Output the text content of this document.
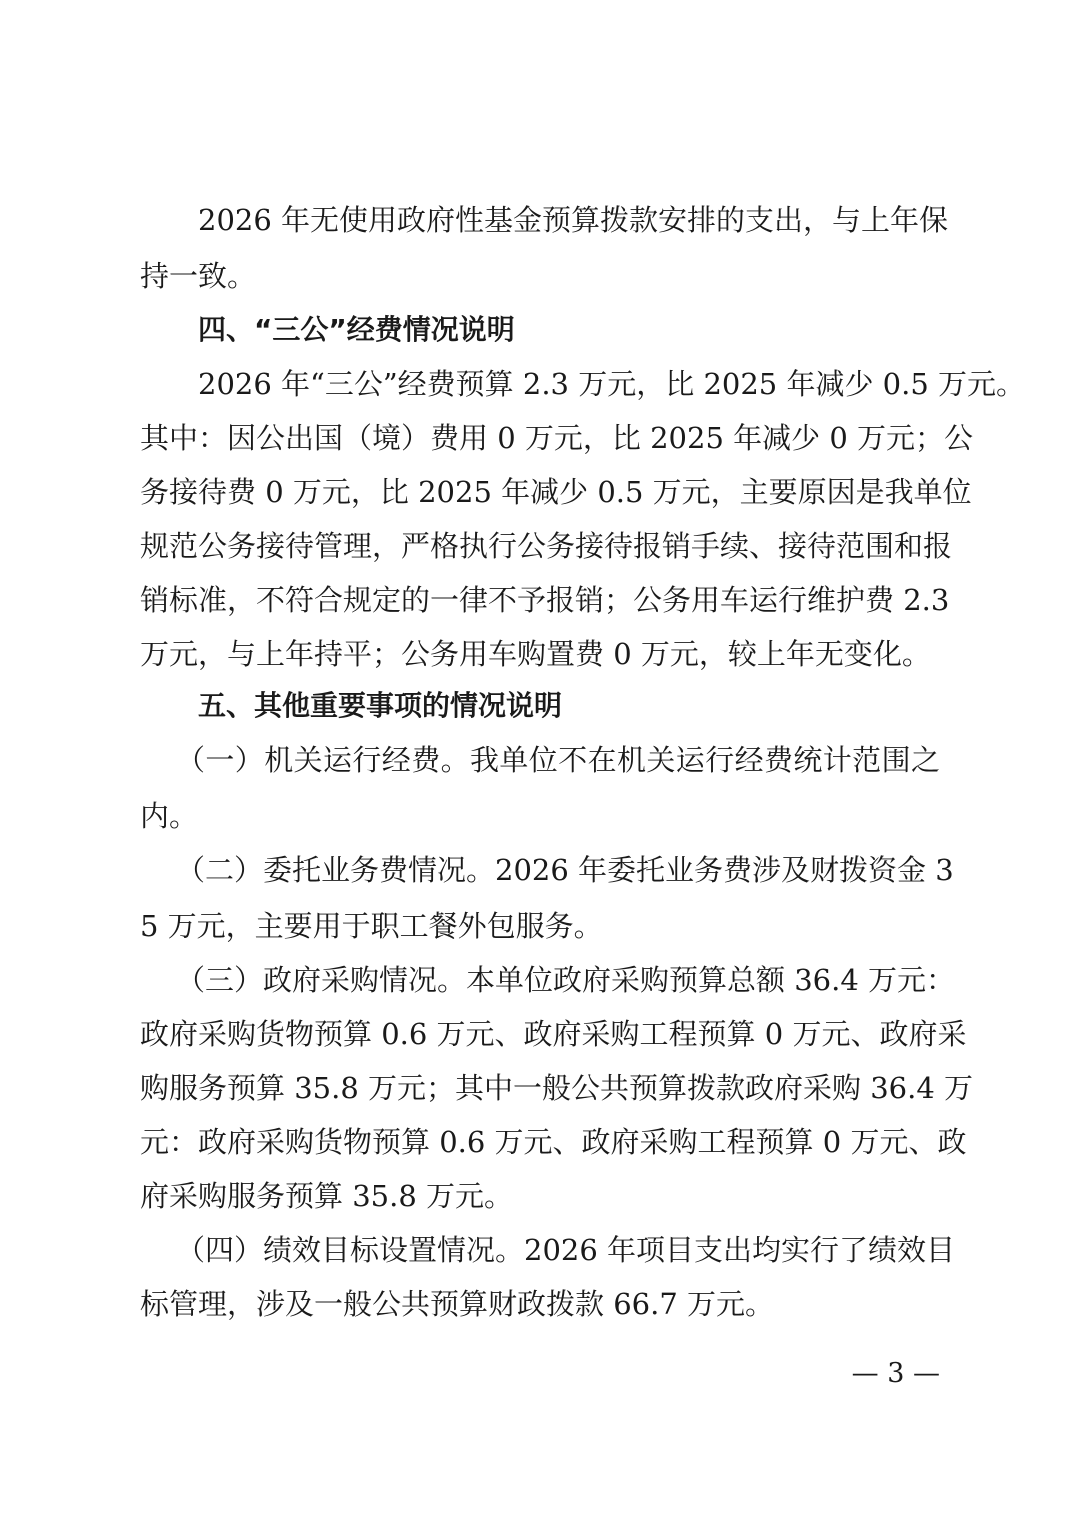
2026 年无使用政府性基金预算拨款安排的支出，与上年保
持一致。
四、“三公”经费情况说明
2026 年“三公”经费预算 2.3 万元，比 2025 年减少 0.5 万元。
其中：因公出国（境）费用 0 万元，比 2025 年减少 0 万元；公
务接待费 0 万元，比 2025 年减少 0.5 万元，主要原因是我单位
规范公务接待管理，严格执行公务接待报销手续、接待范围和报
销标准，不符合规定的一律不予报销；公务用车运行维护费 2.3
万元，与上年持平；公务用车购置费 0 万元，较上年无变化。
五、其他重要事项的情况说明
（一）机关运行经费。我单位不在机关运行经费统计范围之
内。
（二）委托业务费情况。2026 年委托业务费涉及财拨资金 3
5 万元，主要用于职工餐外包服务。
（三）政府采购情况。本单位政府采购预算总额 36.4 万元：
政府采购货物预算 0.6 万元、政府采购工程预算 0 万元、政府采
购服务预算 35.8 万元；其中一般公共预算拨款政府采购 36.4 万
元：政府采购货物预算 0.6 万元、政府采购工程预算 0 万元、政
府采购服务预算 35.8 万元。
（四）绩效目标设置情况。2026 年项目支出均实行了绩效目
标管理，涉及一般公共预算财政拨款 66.7 万元。
— 3 —
